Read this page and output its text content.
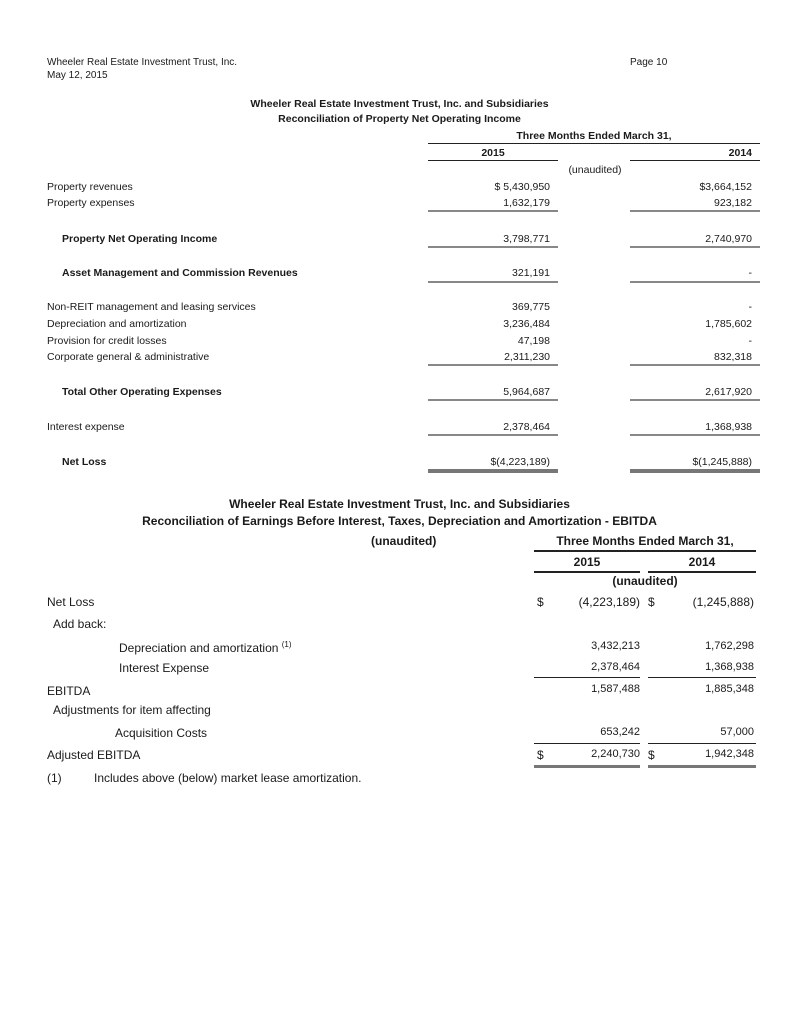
Wheeler Real Estate Investment Trust, Inc.
May 12, 2015
Page 10
Wheeler Real Estate Investment Trust, Inc. and Subsidiaries
Reconciliation of Property Net Operating Income
Three Months Ended March 31,
2015	2014
(unaudited)
Property revenues	$ 5,430,950	$3,664,152
Property expenses	1,632,179	923,182
Property Net Operating Income	3,798,771	2,740,970
Asset Management and Commission Revenues	321,191	-
Non-REIT management and leasing services	369,775	-
Depreciation and amortization	3,236,484	1,785,602
Provision for credit losses	47,198	-
Corporate general & administrative	2,311,230	832,318
Total Other Operating Expenses	5,964,687	2,617,920
Interest expense	2,378,464	1,368,938
Net Loss	$(4,223,189)	$(1,245,888)
Wheeler Real Estate Investment Trust, Inc. and Subsidiaries
Reconciliation of Earnings Before Interest, Taxes, Depreciation and Amortization - EBITDA
(unaudited)	Three Months Ended March 31,
2015	2014
(unaudited)
Net Loss	$	(4,223,189) $	(1,245,888)
Add back:
Depreciation and amortization $^{(1)}$	3,432,213	1,762,298
Interest Expense	2,378,464	1,368,938
EBITDA	1,587,488	1,885,348
Adjustments for item affecting
Acquisition Costs	653,242	57,000
Adjusted EBITDA	$	2,240,730 $	1,942,348
(1)	Includes above (below) market lease amortization.
